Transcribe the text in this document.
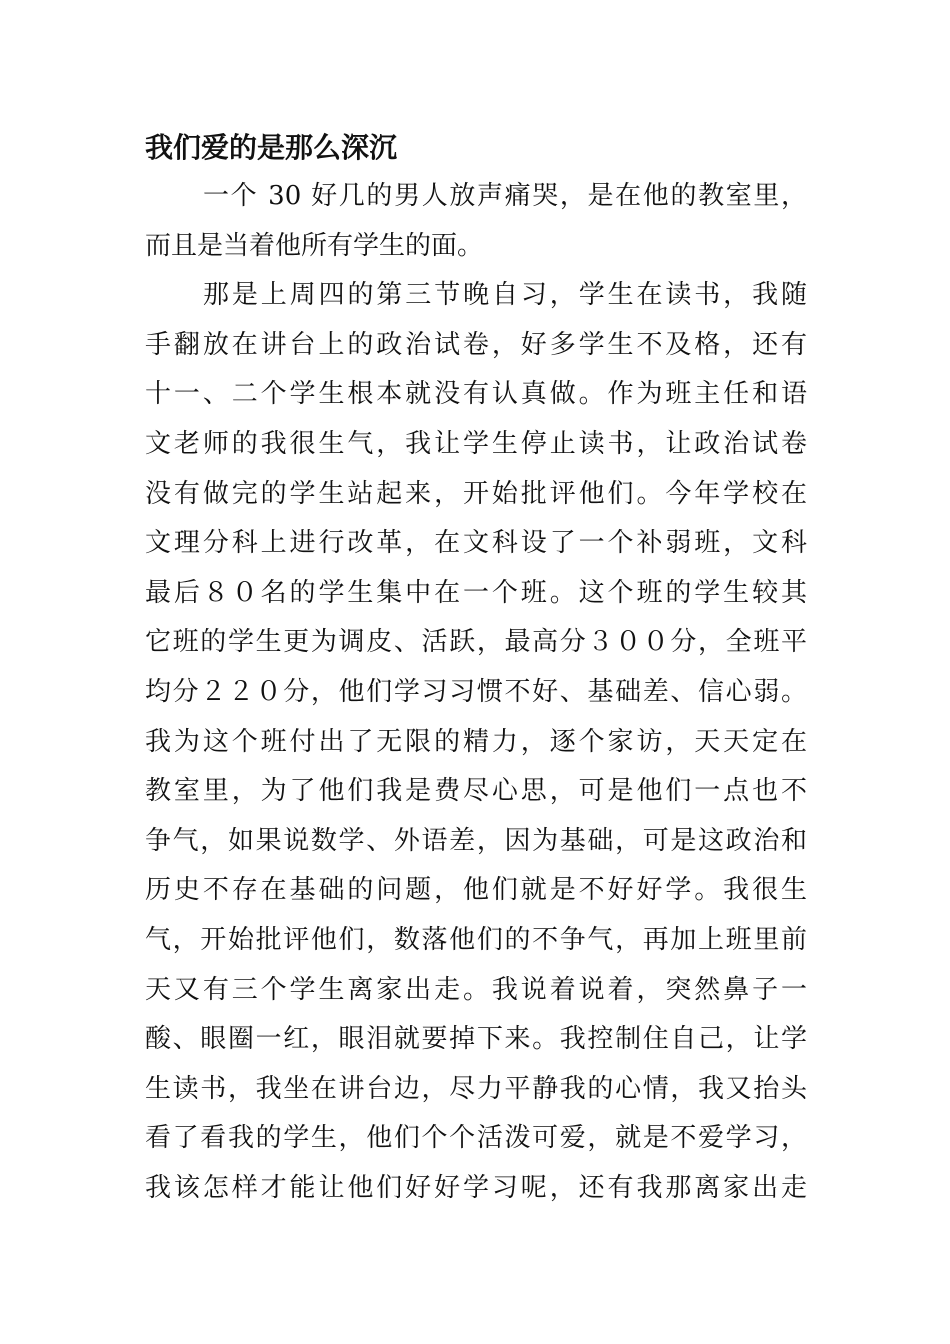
我们爱的是那么深沉
一个 30 好几的男人放声痛哭，是在他的教室里，
而且是当着他所有学生的面。
那是上周四的第三节晚自习，学生在读书，我随
手翻放在讲台上的政治试卷，好多学生不及格，还有
十一、二个学生根本就没有认真做。作为班主任和语
文老师的我很生气，我让学生停止读书，让政治试卷
没有做完的学生站起来，开始批评他们。今年学校在
文理分科上进行改革，在文科设了一个补弱班，文科
最后８０名的学生集中在一个班。这个班的学生较其
它班的学生更为调皮、活跃，最高分３００分，全班平
均分２２０分，他们学习习惯不好、基础差、信心弱。
我为这个班付出了无限的精力，逐个家访，天天定在
教室里，为了他们我是费尽心思，可是他们一点也不
争气，如果说数学、外语差，因为基础，可是这政治和
历史不存在基础的问题，他们就是不好好学。我很生
气，开始批评他们，数落他们的不争气，再加上班里前
天又有三个学生离家出走。我说着说着，突然鼻子一
酸、眼圈一红，眼泪就要掉下来。我控制住自己，让学
生读书，我坐在讲台边，尽力平静我的心情，我又抬头
看了看我的学生，他们个个活泼可爱，就是不爱学习，
我该怎样才能让他们好好学习呢，还有我那离家出走
